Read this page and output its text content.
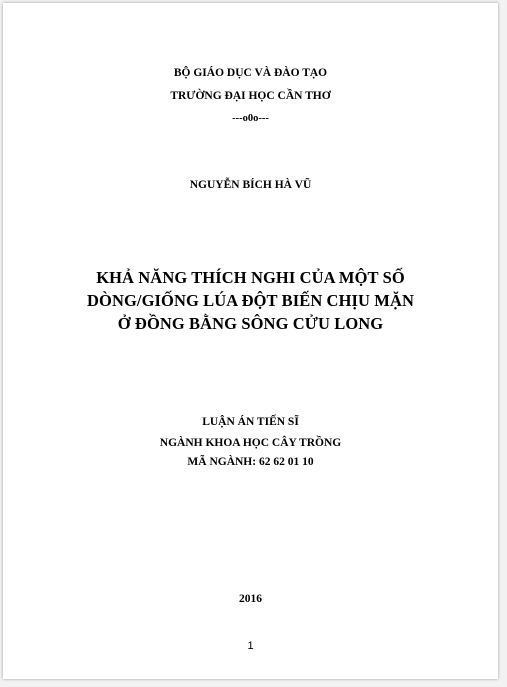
BỘ GIÁO DỤC VÀ ĐÀO TẠO
TRƯỜNG ĐẠI HỌC CẦN THƠ
---o0o---
NGUYỄN BÍCH HÀ VŨ
KHẢ NĂNG THÍCH NGHI CỦA MỘT SỐ
DÒNG/GIỐNG LÚA ĐỘT BIẾN CHỊU MẶN
Ở ĐỒNG BẰNG SÔNG CỬU LONG
LUẬN ÁN TIẾN SĨ
NGÀNH KHOA HỌC CÂY TRỒNG
MÃ NGÀNH: 62 62 01 10
2016
1
